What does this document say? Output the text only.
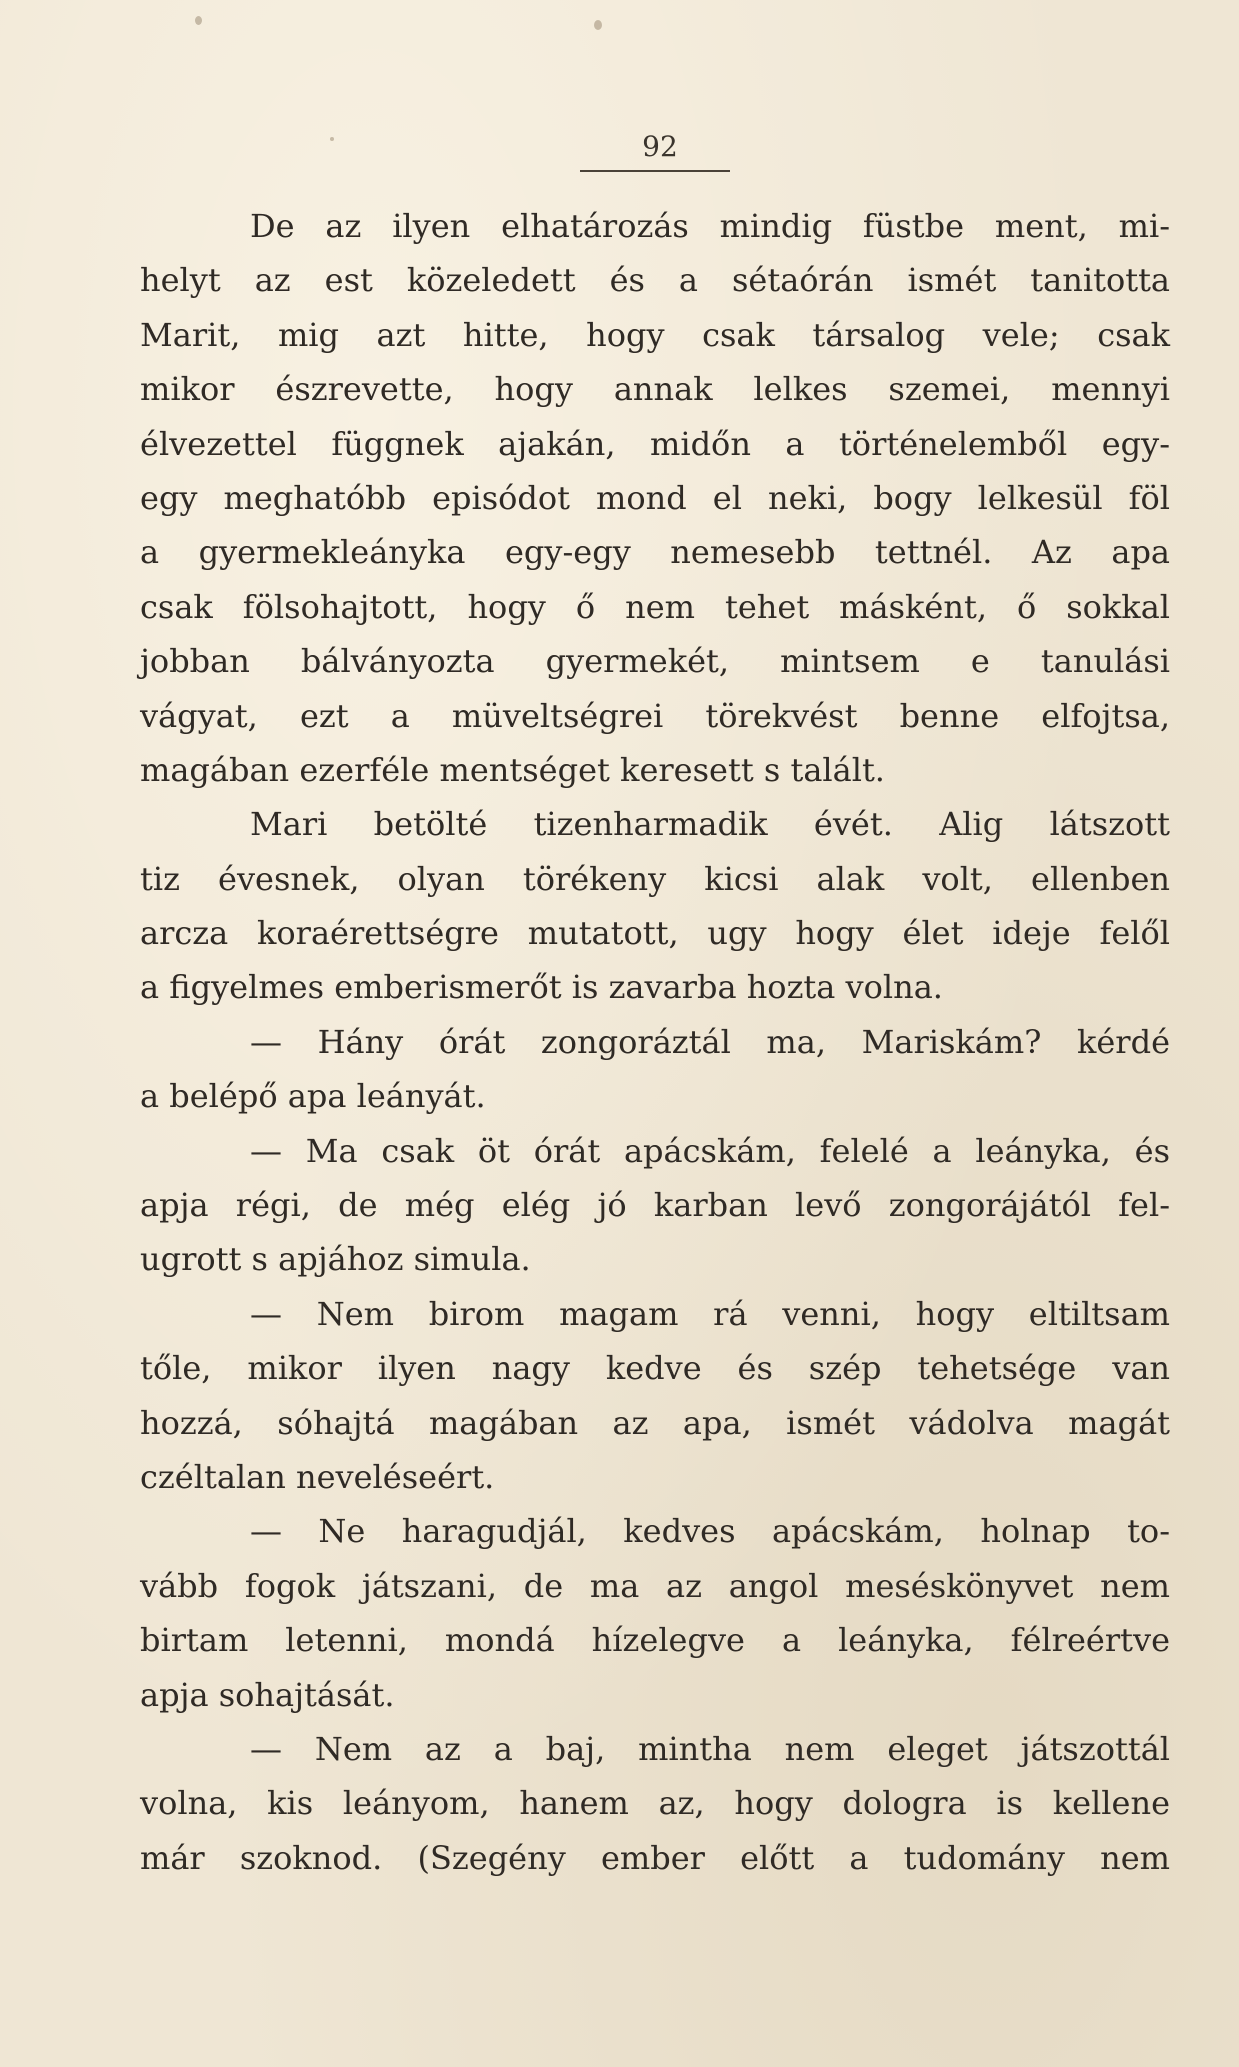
92
De az ilyen elhatározás mindig füstbe ment, mi-
helyt az est közeledett és a sétaórán ismét tanitotta
Marit, mig azt hitte, hogy csak társalog vele; csak
mikor észrevette, hogy annak lelkes szemei, mennyi
élvezettel függnek ajakán, midőn a történelemből egy-
egy meghatóbb episódot mond el neki, bogy lelkesül föl
a gyermekleányka egy-egy nemesebb tettnél. Az apa
csak fölsohajtott, hogy ő nem tehet másként, ő sokkal
jobban bálványozta gyermekét, mintsem e tanulási
vágyat, ezt a müveltségrei törekvést benne elfojtsa,
magában ezerféle mentséget keresett s talált.
Mari betölté tizenharmadik évét. Alig látszott
tiz évesnek, olyan törékeny kicsi alak volt, ellenben
arcza koraérettségre mutatott, ugy hogy élet ideje felől
a figyelmes emberismerőt is zavarba hozta volna.
— Hány órát zongoráztál ma, Mariskám? kérdé
a belépő apa leányát.
— Ma csak öt órát apácskám, felelé a leányka, és
apja régi, de még elég jó karban levő zongorájától fel-
ugrott s apjához simula.
— Nem birom magam rá venni, hogy eltiltsam
tőle, mikor ilyen nagy kedve és szép tehetsége van
hozzá, sóhajtá magában az apa, ismét vádolva magát
czéltalan neveléseért.
— Ne haragudjál, kedves apácskám, holnap to-
vább fogok játszani, de ma az angol meséskönyvet nem
birtam letenni, mondá hízelegve a leányka, félreértve
apja sohajtását.
— Nem az a baj, mintha nem eleget játszottál
volna, kis leányom, hanem az, hogy dologra is kellene
már szoknod. (Szegény ember előtt a tudomány nem
